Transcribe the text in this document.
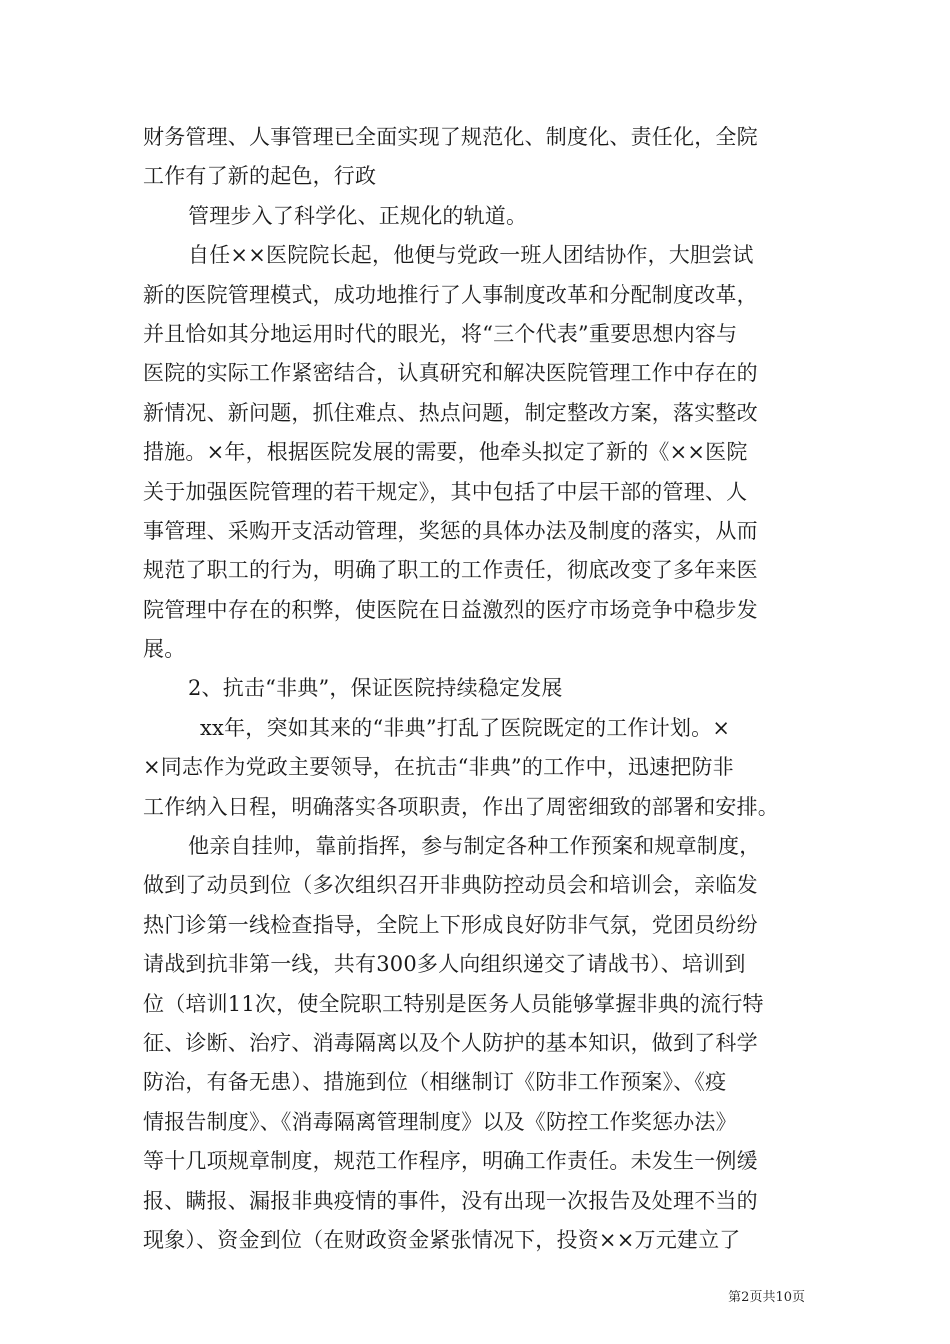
财务管理、人事管理已全面实现了规范化、制度化、责任化，全院
工作有了新的起色，行政
管理步入了科学化、正规化的轨道。
自任××医院院长起，他便与党政一班人团结协作，大胆尝试
新的医院管理模式，成功地推行了人事制度改革和分配制度改革，
并且恰如其分地运用时代的眼光，将“三个代表”重要思想内容与
医院的实际工作紧密结合，认真研究和解决医院管理工作中存在的
新情况、新问题，抓住难点、热点问题，制定整改方案，落实整改
措施。×年，根据医院发展的需要，他牵头拟定了新的《××医院
关于加强医院管理的若干规定》，其中包括了中层干部的管理、人
事管理、采购开支活动管理，奖惩的具体办法及制度的落实，从而
规范了职工的行为，明确了职工的工作责任，彻底改变了多年来医
院管理中存在的积弊，使医院在日益激烈的医疗市场竞争中稳步发
展。
2、抗击“非典”，保证医院持续稳定发展
xx年，突如其来的“非典”打乱了医院既定的工作计划。×
×同志作为党政主要领导，在抗击“非典”的工作中，迅速把防非
工作纳入日程，明确落实各项职责，作出了周密细致的部署和安排。
他亲自挂帅，靠前指挥，参与制定各种工作预案和规章制度，
做到了动员到位（多次组织召开非典防控动员会和培训会，亲临发
热门诊第一线检查指导，全院上下形成良好防非气氛，党团员纷纷
请战到抗非第一线，共有300多人向组织递交了请战书）、培训到
位（培训11次，使全院职工特别是医务人员能够掌握非典的流行特
征、诊断、治疗、消毒隔离以及个人防护的基本知识，做到了科学
防治，有备无患）、措施到位（相继制订《防非工作预案》、《疫
情报告制度》、《消毒隔离管理制度》以及《防控工作奖惩办法》
等十几项规章制度，规范工作程序，明确工作责任。未发生一例缓
报、瞒报、漏报非典疫情的事件，没有出现一次报告及处理不当的
现象）、资金到位（在财政资金紧张情况下，投资××万元建立了
第2页共10页
